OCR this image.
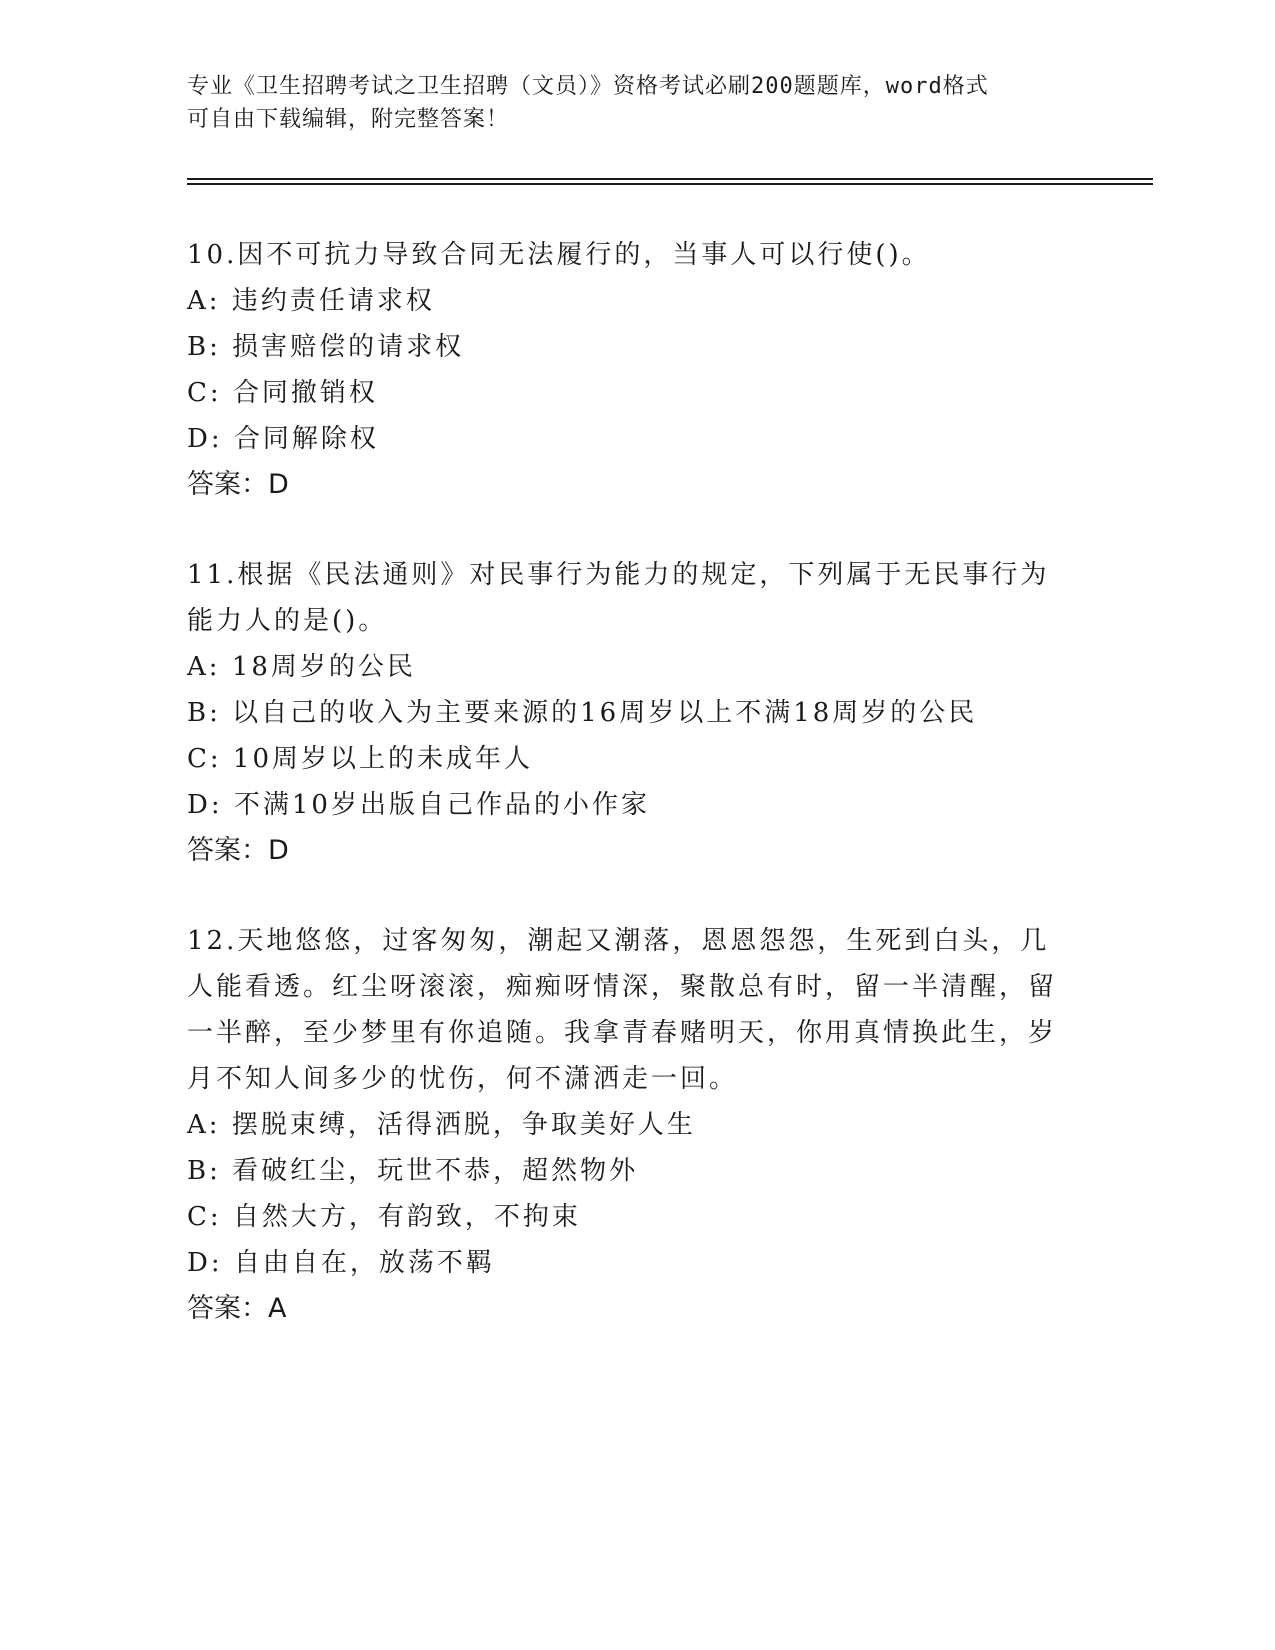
专业《卫生招聘考试之卫生招聘（文员）》资格考试必刷200题题库，word格式
可自由下载编辑，附完整答案！

10.因不可抗力导致合同无法履行的，当事人可以行使()。

A: 违约责任请求权

B: 损害赔偿的请求权

C: 合同撤销权

D: 合同解除权

答案：D

11.根据《民法通则》对民事行为能力的规定，下列属于无民事行为能力人的是()。

A: 18周岁的公民

B: 以自己的收入为主要来源的16周岁以上不满18周岁的公民

C: 10周岁以上的未成年人

D: 不满10岁出版自己作品的小作家

答案：D

12.天地悠悠，过客匆匆，潮起又潮落，恩恩怨怨，生死到白头，几人能看透。红尘呀滚滚，痴痴呀情深，聚散总有时，留一半清醒，留一半醉，至少梦里有你追随。我拿青春赌明天，你用真情换此生，岁月不知人间多少的忧伤，何不潇洒走一回。

A: 摆脱束缚，活得洒脱，争取美好人生

B: 看破红尘，玩世不恭，超然物外

C: 自然大方，有韵致，不拘束

D: 自由自在，放荡不羁

答案：A
